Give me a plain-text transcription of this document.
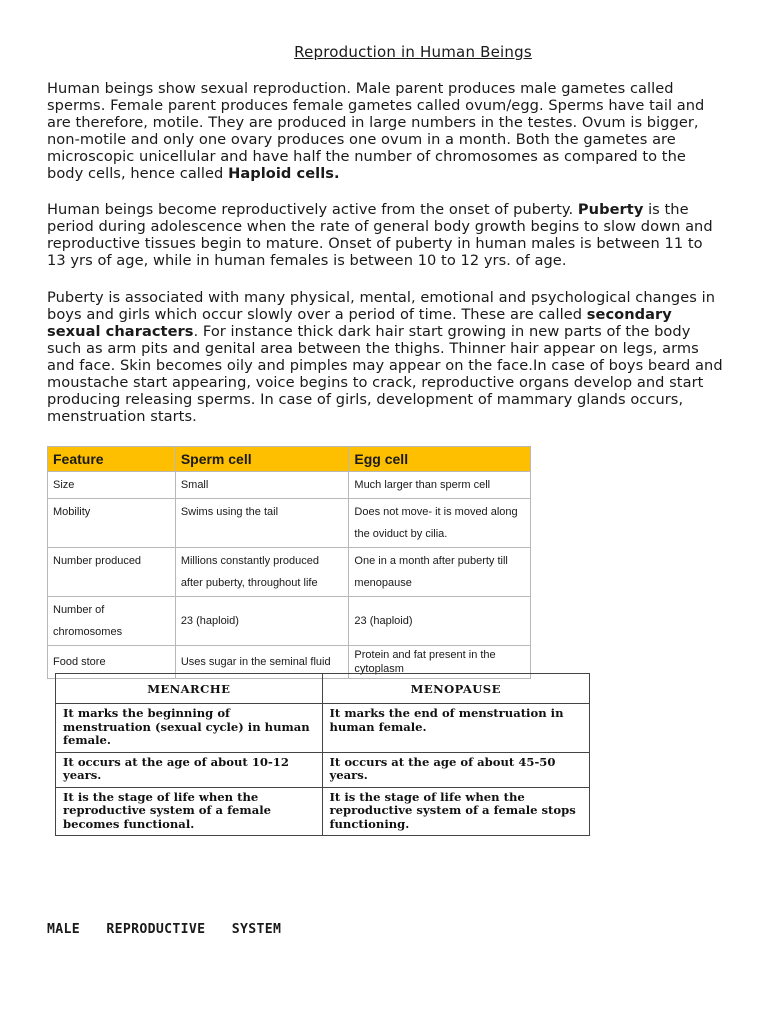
Reproduction in Human Beings

Human beings show sexual reproduction. Male parent produces male gametes called sperms. Female parent produces female gametes called ovum/egg. Sperms have tail and are therefore, motile. They are produced in large numbers in the testes. Ovum is bigger, non-motile and only one ovary produces one ovum in a month. Both the gametes are microscopic unicellular and have half the number of chromosomes as compared to the body cells, hence called Haploid cells.

Human beings become reproductively active from the onset of puberty. Puberty is the period during adolescence when the rate of general body growth begins to slow down and reproductive tissues begin to mature. Onset of puberty in human males is between 11 to 13 yrs of age, while in human females is between 10 to 12 yrs. of age.

Puberty is associated with many physical, mental, emotional and psychological changes in boys and girls which occur slowly over a period of time. These are called secondary sexual characters. For instance thick dark hair start growing in new parts of the body such as arm pits and genital area between the thighs. Thinner hair appear on legs, arms and face. Skin becomes oily and pimples may appear on the face.In case of boys beard and moustache start appearing, voice begins to crack, reproductive organs develop and start producing releasing sperms. In case of girls, development of mammary glands occurs, menstruation starts.

Feature	Sperm cell	Egg cell
Size	Small	Much larger than sperm cell
Mobility	Swims using the tail	Does not move- it is moved along the oviduct by cilia.
Number produced	Millions constantly produced after puberty, throughout life	One in a month after puberty till menopause
Number of chromosomes	23 (haploid)	23 (haploid)
Food store	Uses sugar in the seminal fluid	Protein and fat present in the cytoplasm
MENARCHE	MENOPAUSE
It marks the beginning of menstruation (sexual cycle) in human female.	It marks the end of menstruation in human female.
It occurs at the age of about 10-12 years.	It occurs at the age of about 45-50 years.
It is the stage of life when the reproductive system of a female becomes functional.	It is the stage of life when the reproductive system of a female stops functioning.
MALE  REPRODUCTIVE  SYSTEM
